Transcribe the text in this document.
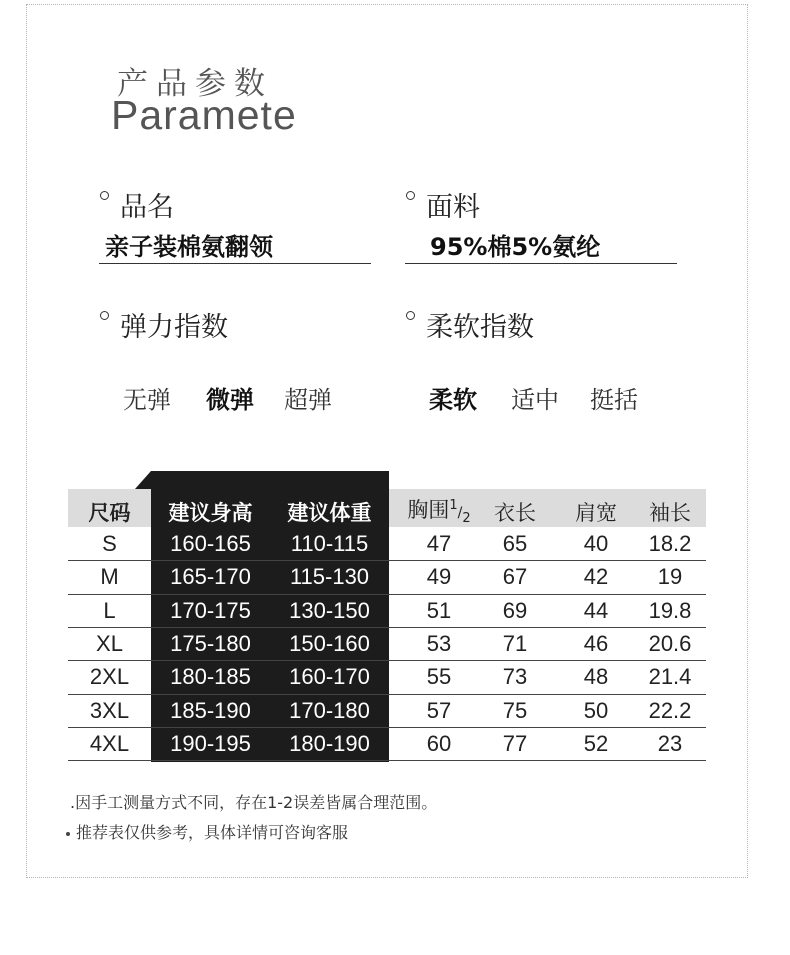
产品参数
Paramete
品名
亲子装棉氨翻领
面料
95%棉5%氨纶
弹力指数
无弹 微弹 超弹
柔软指数
柔软 适中 挺括
尺码	建议身高	建议体重	胸围$^1/_2$	衣长	肩宽	袖长
S	160-165	110-115	47	65	40	18.2
M	165-170	115-130	49	67	42	19
L	170-175	130-150	51	69	44	19.8
XL	175-180	150-160	53	71	46	20.6
2XL	180-185	160-170	55	73	48	21.4
3XL	185-190	170-180	57	75	50	22.2
4XL	190-195	180-190	60	77	52	23
.因手工测量方式不同，存在1-2误差皆属合理范围。
推荐表仅供参考，具体详情可咨询客服
